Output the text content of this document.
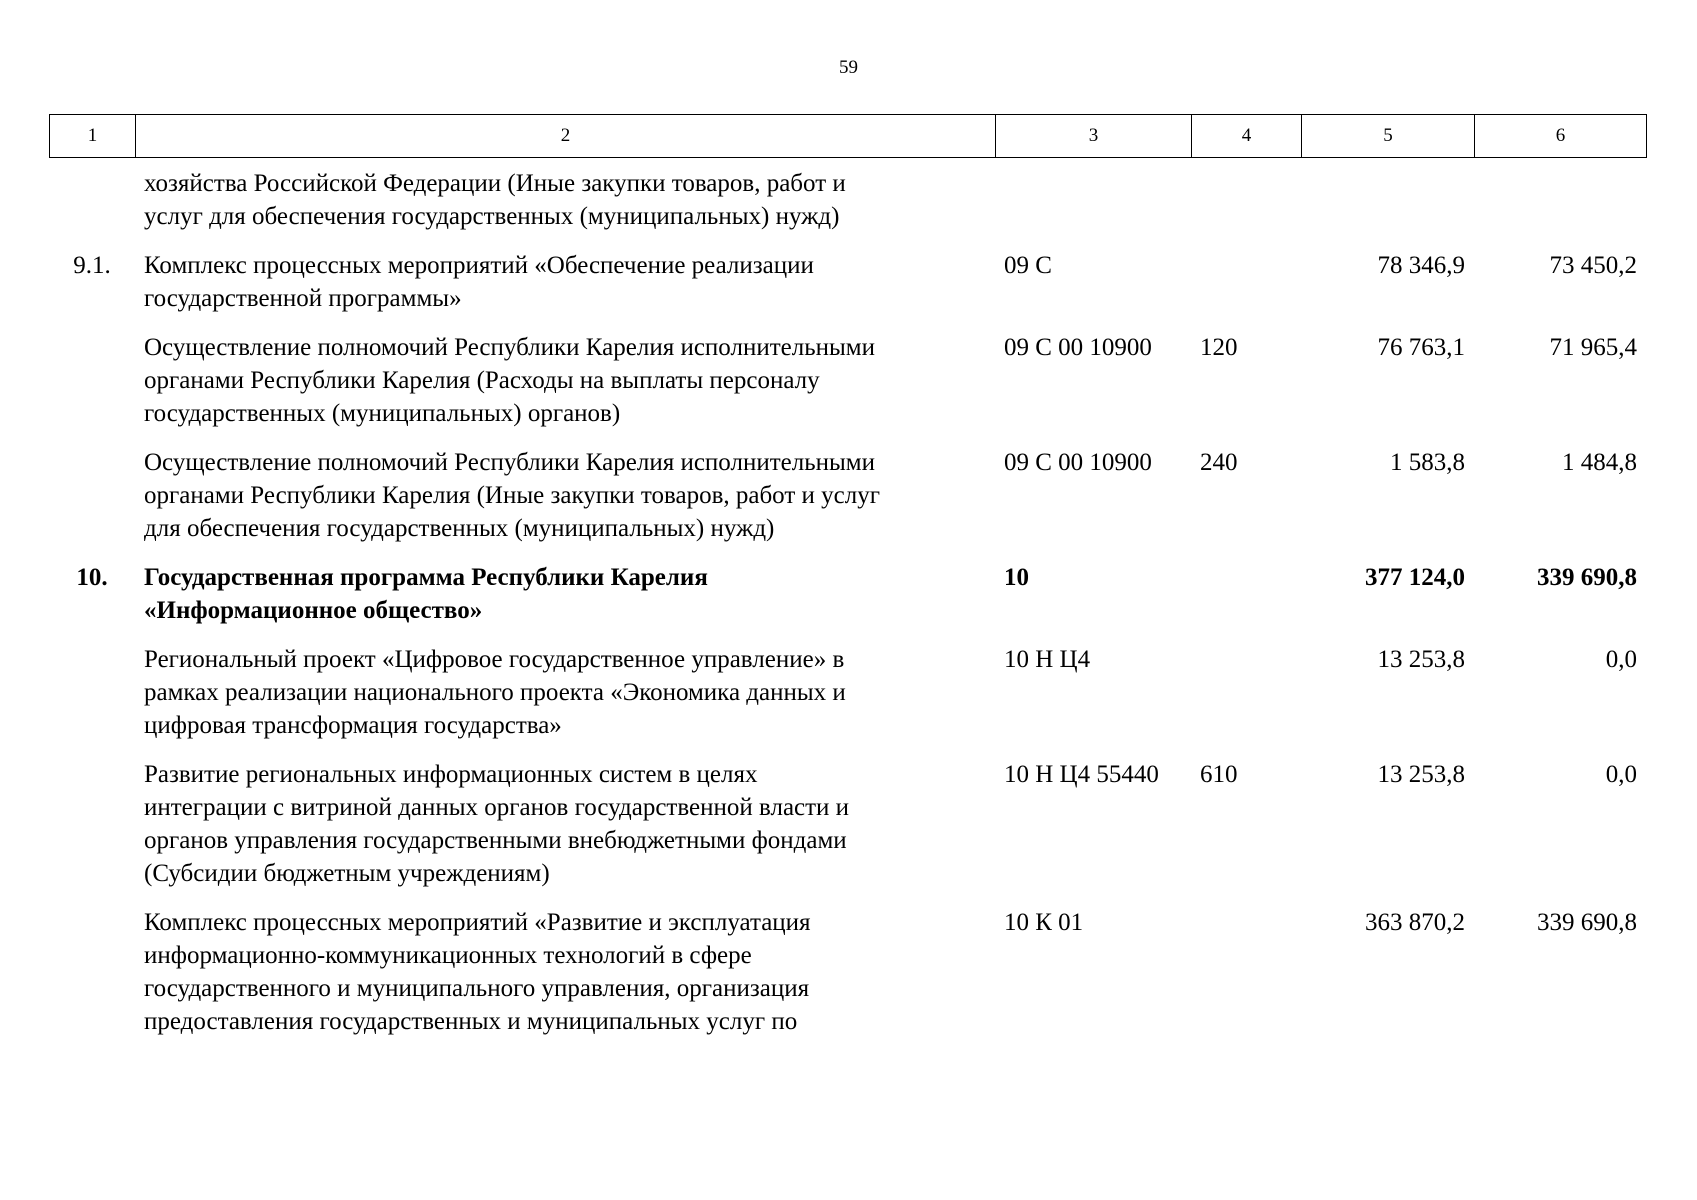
59
1	2	3	4	5	6

	хозяйства Российской Федерации (Иные закупки товаров, работ и
услуг для обеспечения государственных (муниципальных) нужд)				

9.1.	Комплекс процессных мероприятий «Обеспечение реализации
государственной программы»	09 С		78 346,9	73 450,2

	Осуществление полномочий Республики Карелия исполнительными
органами Республики Карелия (Расходы на выплаты персоналу
государственных (муниципальных) органов)	09 С 00 10900	120	76 763,1	71 965,4

	Осуществление полномочий Республики Карелия исполнительными
органами Республики Карелия (Иные закупки товаров, работ и услуг
для обеспечения государственных (муниципальных) нужд)	09 С 00 10900	240	1 583,8	1 484,8
10.	Государственная программа Республики Карелия
«Информационное общество»	10		377 124,0	339 690,8

	Региональный проект «Цифровое государственное управление» в
рамках реализации национального проекта «Экономика данных и
цифровая трансформация государства»	10 Н Ц4		13 253,8	0,0

	Развитие региональных информационных систем в целях
интеграции с витриной данных органов государственной власти и
органов управления государственными внебюджетными фондами
(Субсидии бюджетным учреждениям)	10 Н Ц4 55440	610	13 253,8	0,0

	Комплекс процессных мероприятий «Развитие и эксплуатация
информационно-коммуникационных технологий в сфере
государственного и муниципального управления, организация
предоставления государственных и муниципальных услуг по	10 К 01		363 870,2	339 690,8
